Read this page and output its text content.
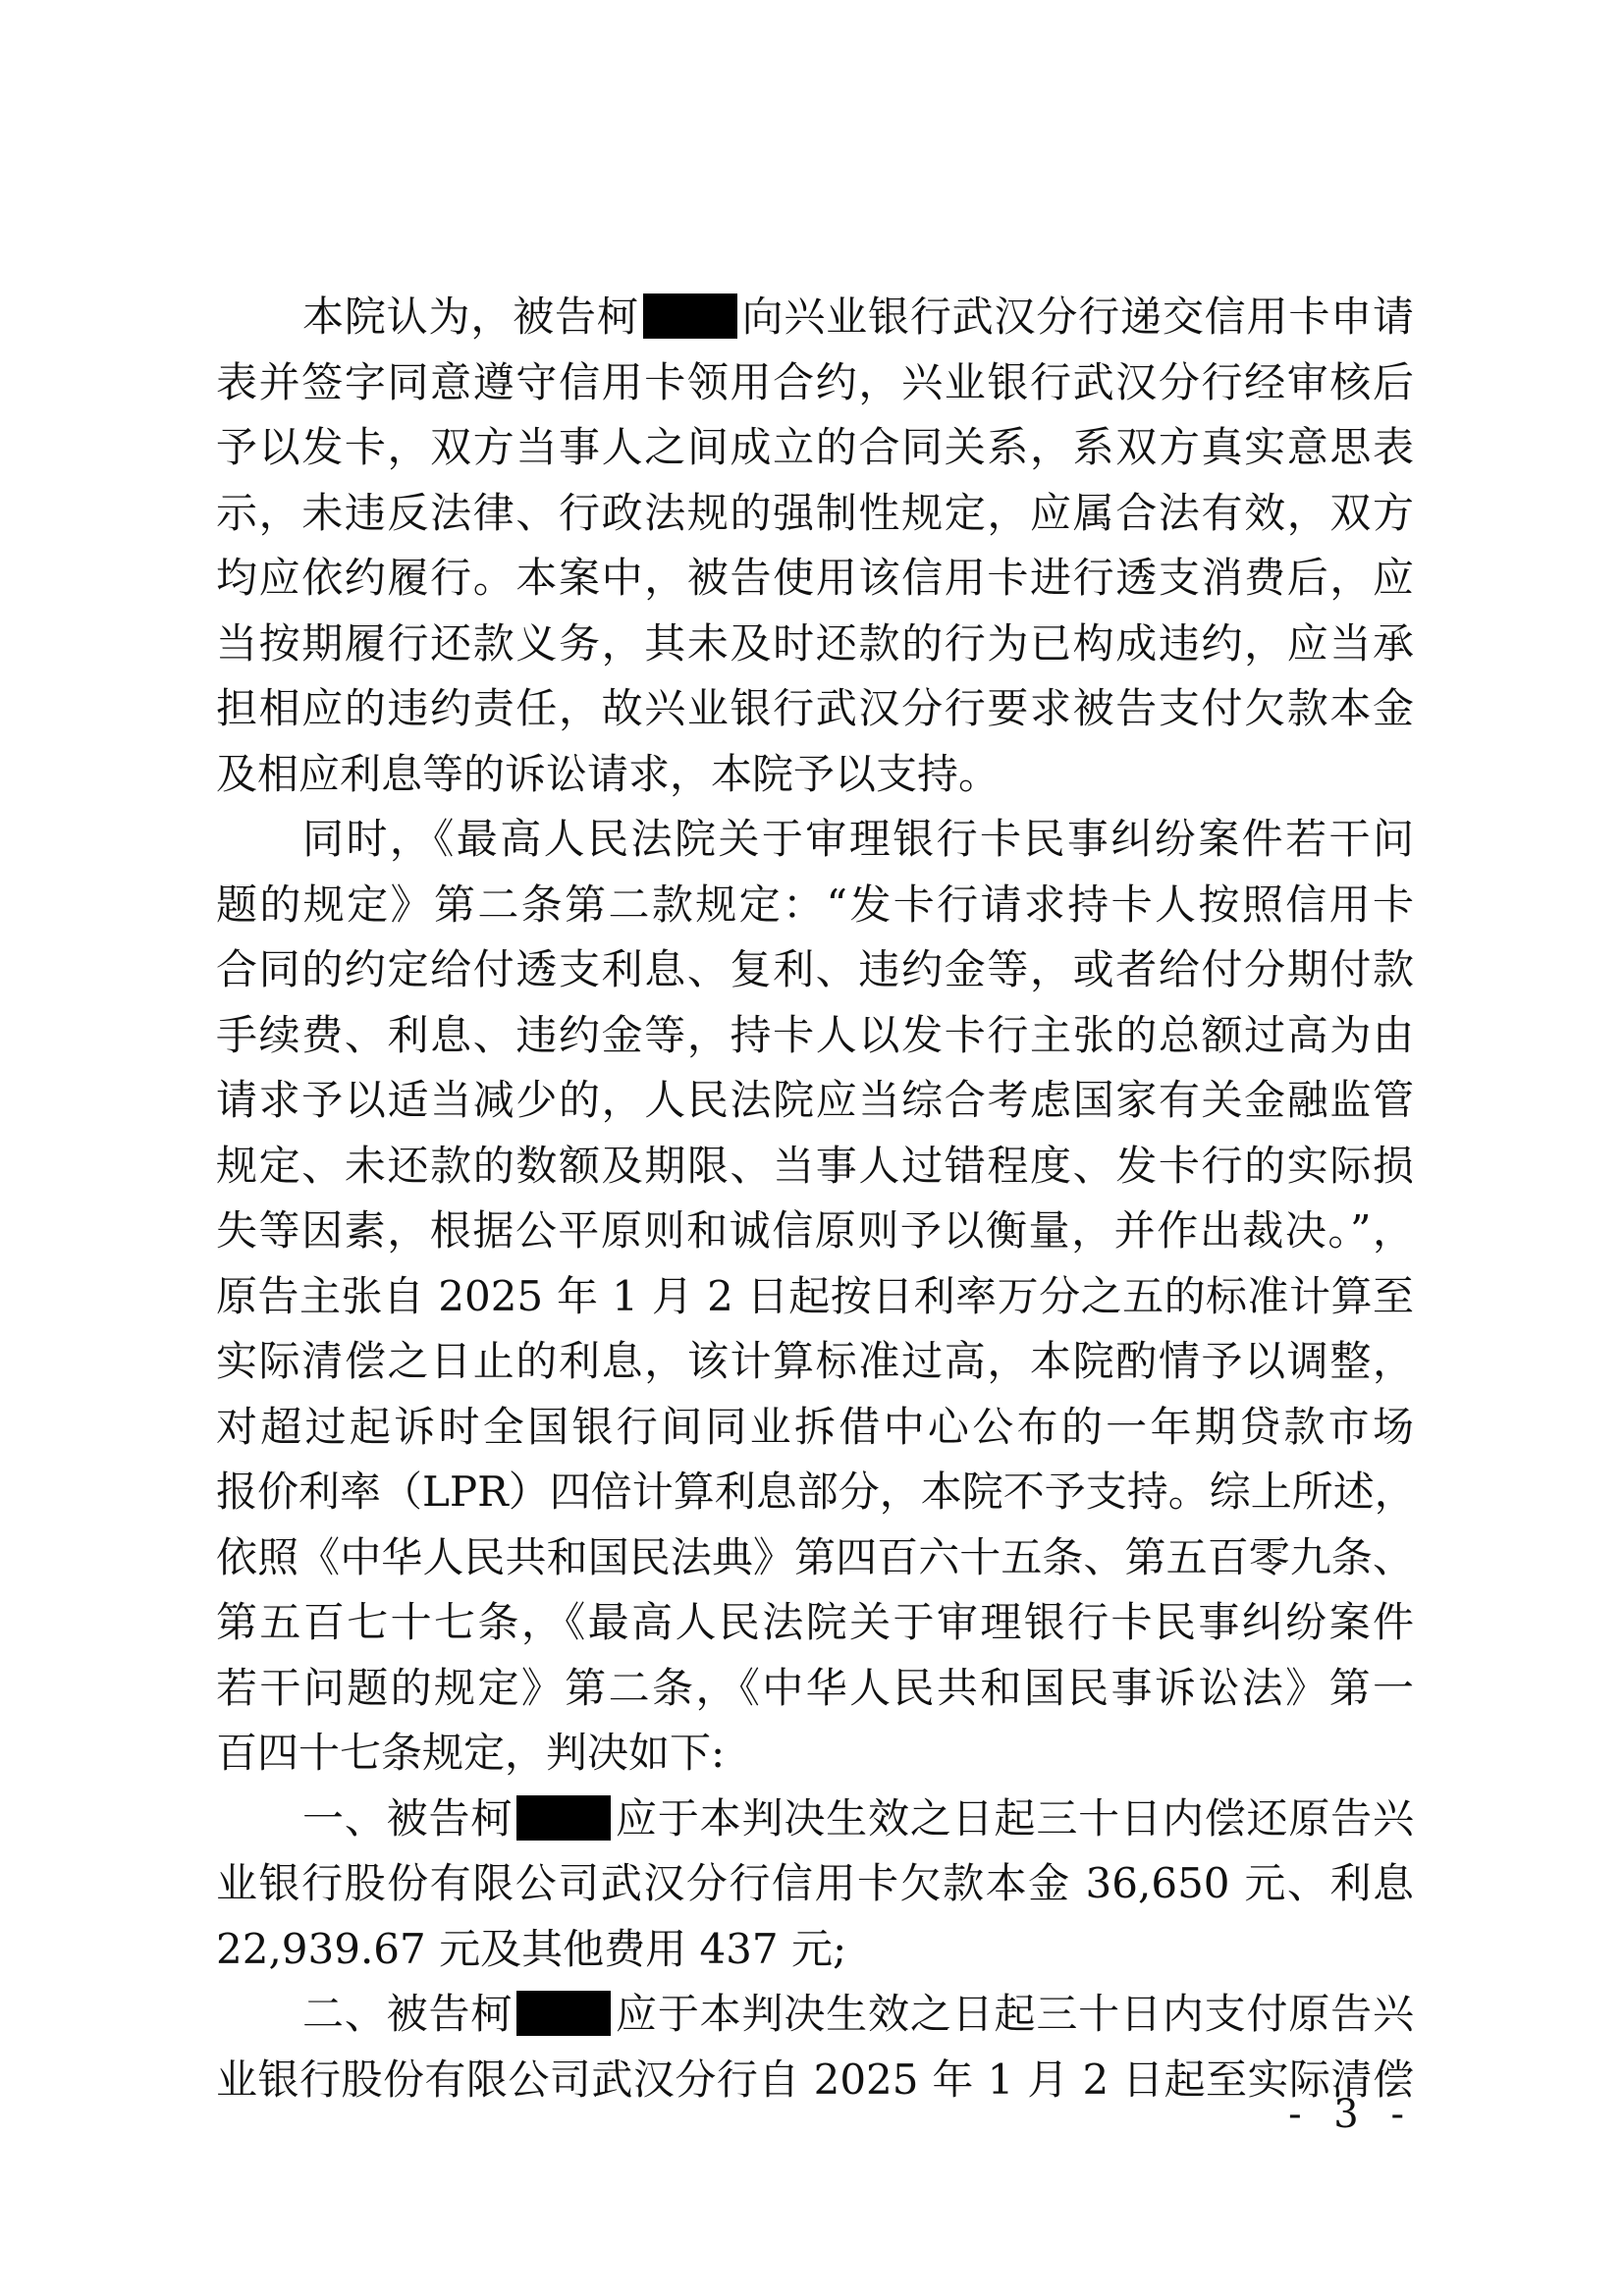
本院认为，被告柯 向兴业银行武汉分行递交信用卡申请
表并签字同意遵守信用卡领用合约，兴业银行武汉分行经审核后
予以发卡，双方当事人之间成立的合同关系，系双方真实意思表
示，未违反法律、行政法规的强制性规定，应属合法有效，双方
均应依约履行。本案中，被告使用该信用卡进行透支消费后，应
当按期履行还款义务，其未及时还款的行为已构成违约，应当承
担相应的违约责任，故兴业银行武汉分行要求被告支付欠款本金
及相应利息等的诉讼请求，本院予以支持。
同时，《最高人民法院关于审理银行卡民事纠纷案件若干问
题的规定》第二条第二款规定：“发卡行请求持卡人按照信用卡
合同的约定给付透支利息、复利、违约金等，或者给付分期付款
手续费、利息、违约金等，持卡人以发卡行主张的总额过高为由
请求予以适当减少的，人民法院应当综合考虑国家有关金融监管
规定、未还款的数额及期限、当事人过错程度、发卡行的实际损
失等因素，根据公平原则和诚信原则予以衡量，并作出裁决。”，
原告主张自 2025 年 1 月 2 日起按日利率万分之五的标准计算至
实际清偿之日止的利息，该计算标准过高，本院酌情予以调整，
对超过起诉时全国银行间同业拆借中心公布的一年期贷款市场
报价利率（LPR）四倍计算利息部分，本院不予支持。综上所述，
依照《中华人民共和国民法典》第四百六十五条、第五百零九条、
第五百七十七条，《最高人民法院关于审理银行卡民事纠纷案件
若干问题的规定》第二条，《中华人民共和国民事诉讼法》第一
百四十七条规定，判决如下:
一、被告柯 应于本判决生效之日起三十日内偿还原告兴
业银行股份有限公司武汉分行信用卡欠款本金 36,650 元、利息
22,939.67 元及其他费用 437 元;
二、被告柯 应于本判决生效之日起三十日内支付原告兴
业银行股份有限公司武汉分行自 2025 年 1 月 2 日起至实际清偿
- 3 -
